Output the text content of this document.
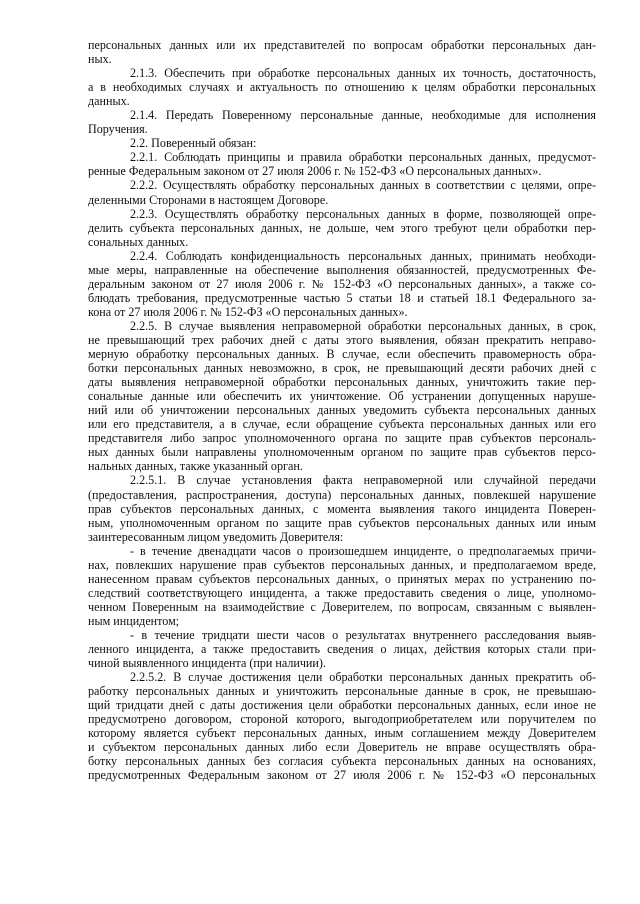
персональных данных или их представителей по вопросам обработки персональных дан-
ных.
2.1.3. Обеспечить при обработке персональных данных их точность, достаточность,
а в необходимых случаях и актуальность по отношению к целям обработки персональных
данных.
2.1.4. Передать Поверенному персональные данные, необходимые для исполнения
Поручения.
2.2. Поверенный обязан:
2.2.1. Соблюдать принципы и правила обработки персональных данных, предусмот-
ренные Федеральным законом от 27 июля 2006 г. № 152-ФЗ «О персональных данных».
2.2.2. Осуществлять обработку персональных данных в соответствии с целями, опре-
деленными Сторонами в настоящем Договоре.
2.2.3. Осуществлять обработку персональных данных в форме, позволяющей опре-
делить субъекта персональных данных, не дольше, чем этого требуют цели обработки пер-
сональных данных.
2.2.4. Соблюдать конфиденциальность персональных данных, принимать необходи-
мые меры, направленные на обеспечение выполнения обязанностей, предусмотренных Фе-
деральным законом от 27 июля 2006 г. № 152-ФЗ «О персональных данных», а также со-
блюдать требования, предусмотренные частью 5 статьи 18 и статьей 18.1 Федерального за-
кона от 27 июля 2006 г. № 152-ФЗ «О персональных данных».
2.2.5. В случае выявления неправомерной обработки персональных данных, в срок,
не превышающий трех рабочих дней с даты этого выявления, обязан прекратить неправо-
мерную обработку персональных данных. В случае, если обеспечить правомерность обра-
ботки персональных данных невозможно, в срок, не превышающий десяти рабочих дней с
даты выявления неправомерной обработки персональных данных, уничтожить такие пер-
сональные данные или обеспечить их уничтожение. Об устранении допущенных наруше-
ний или об уничтожении персональных данных уведомить субъекта персональных данных
или его представителя, а в случае, если обращение субъекта персональных данных или его
представителя либо запрос уполномоченного органа по защите прав субъектов персональ-
ных данных были направлены уполномоченным органом по защите прав субъектов персо-
нальных данных, также указанный орган.
2.2.5.1. В случае установления факта неправомерной или случайной передачи
(предоставления, распространения, доступа) персональных данных, повлекшей нарушение
прав субъектов персональных данных, с момента выявления такого инцидента Поверен-
ным, уполномоченным органом по защите прав субъектов персональных данных или иным
заинтересованным лицом уведомить Доверителя:
- в течение двенадцати часов о произошедшем инциденте, о предполагаемых причи-
нах, повлекших нарушение прав субъектов персональных данных, и предполагаемом вреде,
нанесенном правам субъектов персональных данных, о принятых мерах по устранению по-
следствий соответствующего инцидента, а также предоставить сведения о лице, уполномо-
ченном Поверенным на взаимодействие с Доверителем, по вопросам, связанным с выявлен-
ным инцидентом;
- в течение тридцати шести часов о результатах внутреннего расследования выяв-
ленного инцидента, а также предоставить сведения о лицах, действия которых стали при-
чиной выявленного инцидента (при наличии).
2.2.5.2. В случае достижения цели обработки персональных данных прекратить об-
работку персональных данных и уничтожить персональные данные в срок, не превышаю-
щий тридцати дней с даты достижения цели обработки персональных данных, если иное не
предусмотрено договором, стороной которого, выгодоприобретателем или поручителем по
которому является субъект персональных данных, иным соглашением между Доверителем
и субъектом персональных данных либо если Доверитель не вправе осуществлять обра-
ботку персональных данных без согласия субъекта персональных данных на основаниях,
предусмотренных Федеральным законом от 27 июля 2006 г. № 152-ФЗ «О персональных
